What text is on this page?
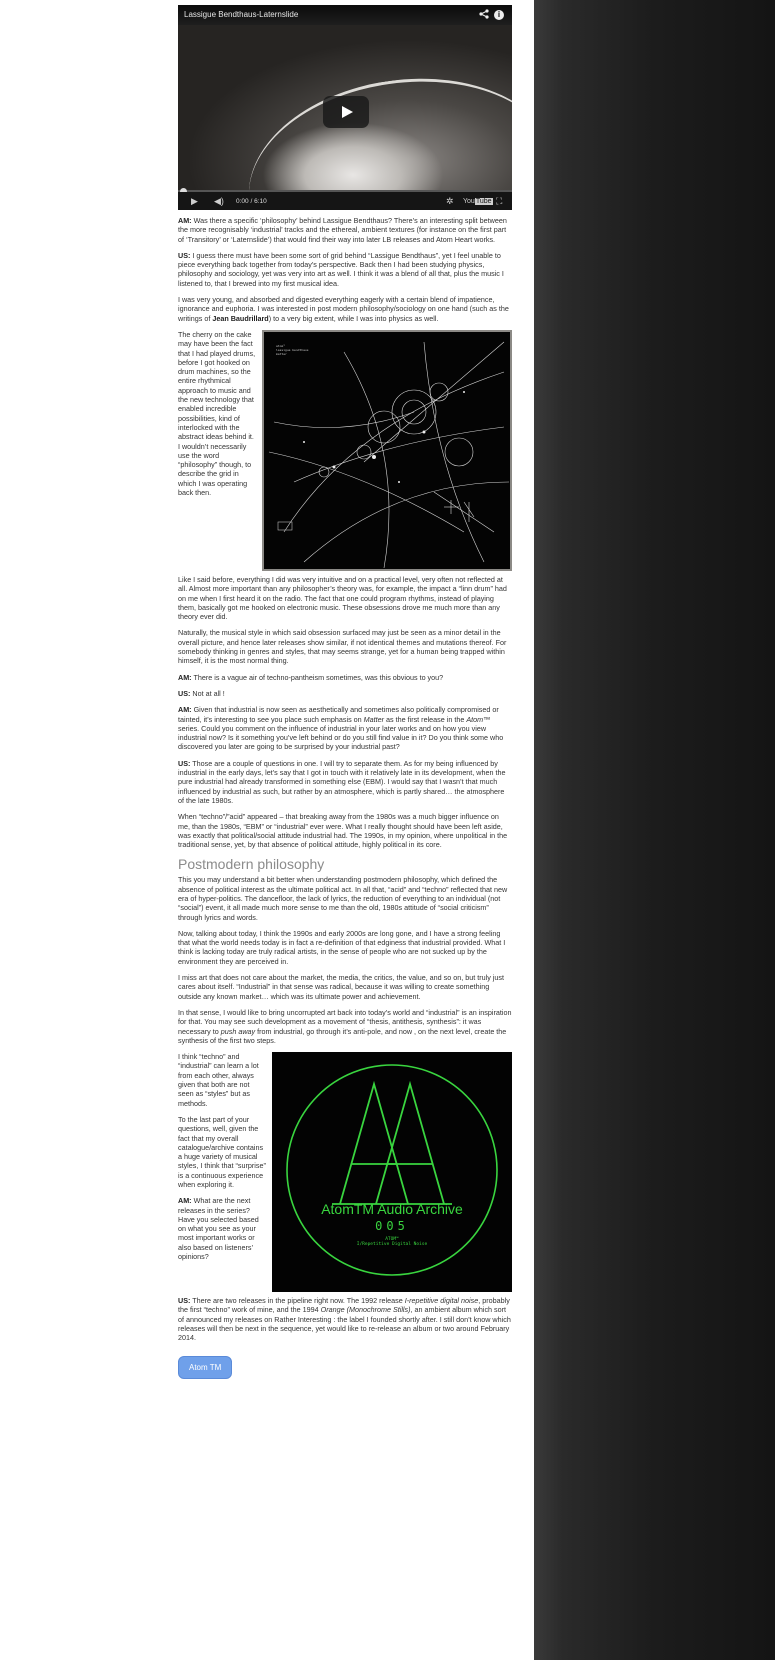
Lassigue Bendthaus-Laternslide	i
▶ ◀) 0:00 / 6:10	✲ YouTube ⛶

AM: Was there a specific ‘philosophy’ behind Lassigue Bendthaus? There’s an interesting split between the more recognisably ‘industrial’ tracks and the ethereal, ambient textures (for instance on the first part of ‘Transitory’ or ‘Laternslide’) that would find their way into later LB releases and Atom Heart works.

US: I guess there must have been some sort of grid behind “Lassigue Bendthaus”, yet I feel unable to piece everything back together from today’s perspective. Back then I had been studying physics, philosophy and sociology, yet was very into art as well. I think it was a blend of all that, plus the music I listened to, that I brewed into my first musical idea.

I was very young, and absorbed and digested everything eagerly with a certain blend of impatience, ignorance and euphoria. I was interested in post modern philosophy/sociology on one hand (such as the writings of Jean Baudrillard) to a very big extent, while I was into physics as well.

atom™
lassigue bendthaus
matter

The cherry on the cake may have been the fact that I had played drums, before I got hooked on drum machines, so the entire rhythmical approach to music and the new technology that enabled incredible possibilities, kind of interlocked with the abstract ideas behind it. I wouldn’t necessarily use the word “philosophy” though, to describe the grid in which I was operating back then.

Like I said before, everything I did was very intuitive and on a practical level, very often not reflected at all. Almost more important than any philosopher’s theory was, for example, the impact a “linn drum” had on me when I first heard it on the radio. The fact that one could program rhythms, instead of playing them, basically got me hooked on electronic music. These obsessions drove me much more than any theory ever did.

Naturally, the musical style in which said obsession surfaced may just be seen as a minor detail in the overall picture, and hence later releases show similar, if not identical themes and mutations thereof. For somebody thinking in genres and styles, that may seems strange, yet for a human being trapped within himself, it is the most normal thing.

AM: There is a vague air of techno-pantheism sometimes, was this obvious to you?

US: Not at all !

AM: Given that industrial is now seen as aesthetically and sometimes also politically compromised or tainted, it’s interesting to see you place such emphasis on Matter as the first release in the Atom™ series. Could you comment on the influence of industrial in your later works and on how you view industrial now? Is it something you’ve left behind or do you still find value in it? Do you think some who discovered you later are going to be surprised by your industrial past?

US: Those are a couple of questions in one. I will try to separate them. As for my being influenced by industrial in the early days, let’s say that I got in touch with it relatively late in its development, when the pure industrial had already transformed in something else (EBM). I would say that I wasn’t that much influenced by industrial as such, but rather by an atmosphere, which is partly shared… the atmosphere of the late 1980s.

When “techno”/”acid” appeared – that breaking away from the 1980s was a much bigger influence on me, than the 1980s, “EBM” or “industrial” ever were. What I really thought should have been left aside, was exactly that political/social attitude industrial had. The 1990s, in my opinion, where unpolitical in the traditional sense, yet, by that absence of political attitude, highly political in its core.

Postmodern philosophy

This you may understand a bit better when understanding postmodern philosophy, which defined the absence of political interest as the ultimate political act. In all that, “acid” and “techno” reflected that new era of hyper-politics. The dancefloor, the lack of lyrics, the reduction of everything to an individual (not “social”) event, it all made much more sense to me than the old, 1980s attitude of “social criticism” through lyrics and words.

Now, talking about today, I think the 1990s and early 2000s are long gone, and I have a strong feeling that what the world needs today is in fact a re-definition of that edginess that industrial provided. What I think is lacking today are truly radical artists, in the sense of people who are not sucked up by the environment they are perceived in.

I miss art that does not care about the market, the media, the critics, the value, and so on, but truly just cares about itself. “Industrial” in that sense was radical, because it was willing to create something outside any known market… which was its ultimate power and achievement.

In that sense, I would like to bring uncorrupted art back into today’s world and “industrial” is an inspiration for that. You may see such development as a movement of “thesis, antithesis, synthesis”: it was necessary to push away from industrial, go through it’s anti-pole, and now , on the next level, create the synthesis of the first two steps.

AtomTM Audio Archive
005
ATOM™
I/Repetitive Digital Noise

I think “techno” and “industrial” can learn a lot from each other, always given that both are not seen as “styles” but as methods.

To the last part of your questions, well, given the fact that my overall catalogue/archive contains a huge variety of musical styles, I think that “surprise” is a continuous experience when exploring it.

AM: What are the next releases in the series? Have you selected based on what you see as your most important works or also based on listeners’ opinions?

US: There are two releases in the pipeline right now. The 1992 release I-repetitive digital noise, probably the first “techno” work of mine, and the 1994 Orange (Monochrome Stills), an ambient album which sort of announced my releases on Rather Interesting : the label I founded shortly after. I still don’t know which releases will then be next in the sequence, yet would like to re-release an album or two around February 2014.

Atom TM
